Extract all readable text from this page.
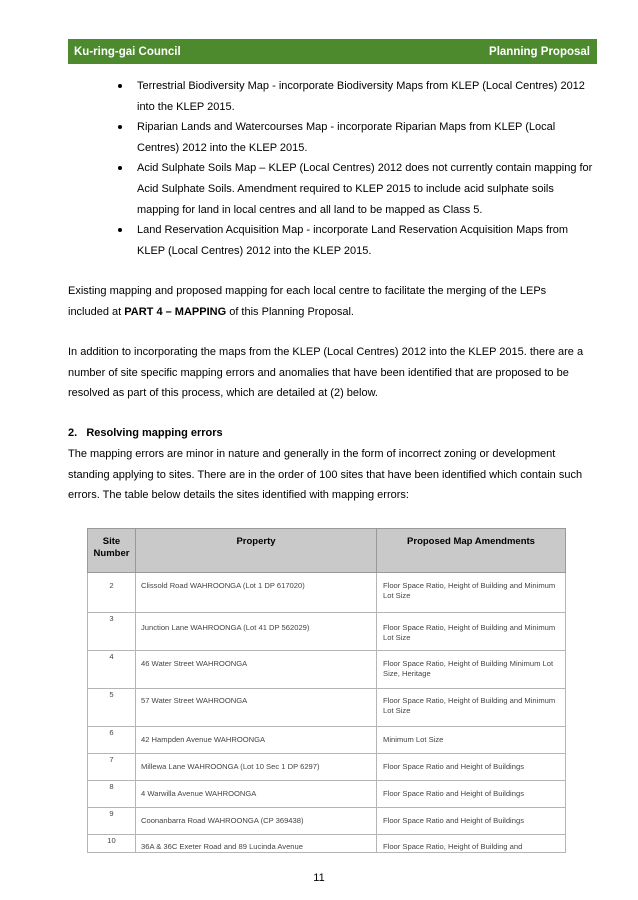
Ku-ring-gai Council	Planning Proposal
Terrestrial Biodiversity Map - incorporate Biodiversity Maps from KLEP (Local Centres) 2012 into the KLEP 2015.
Riparian Lands and Watercourses Map - incorporate Riparian Maps from KLEP (Local Centres) 2012 into the KLEP 2015.
Acid Sulphate Soils Map – KLEP (Local Centres) 2012 does not currently contain mapping for Acid Sulphate Soils. Amendment required to KLEP 2015 to include acid sulphate soils mapping for land in local centres and all land to be mapped as Class 5.
Land Reservation Acquisition Map - incorporate Land Reservation Acquisition Maps from KLEP (Local Centres) 2012 into the KLEP 2015.

Existing mapping and proposed mapping for each local centre to facilitate the merging of the LEPs included at PART 4 – MAPPING of this Planning Proposal.

In addition to incorporating the maps from the KLEP (Local Centres) 2012 into the KLEP 2015. there are a number of site specific mapping errors and anomalies that have been identified that are proposed to be resolved as part of this process, which are detailed at (2) below.

2.   Resolving mapping errors

The mapping errors are minor in nature and generally in the form of incorrect zoning or development standing applying to sites. There are in the order of 100 sites that have been identified which contain such errors. The table below details the sites identified with mapping errors:

Site Number	Property	Proposed Map Amendments
2	Clissold Road WAHROONGA (Lot 1 DP 617020)	Floor Space Ratio, Height of Building and Minimum Lot Size
3	Junction Lane WAHROONGA (Lot 41 DP 562029)	Floor Space Ratio, Height of Building and Minimum Lot Size
4	46 Water Street WAHROONGA	Floor Space Ratio, Height of Building Minimum Lot Size, Heritage
5	57 Water Street WAHROONGA	Floor Space Ratio, Height of Building and Minimum Lot Size
6	42 Hampden Avenue WAHROONGA	Minimum Lot Size
7	Millewa Lane WAHROONGA (Lot 10 Sec 1 DP 6297)	Floor Space Ratio and Height of Buildings
8	4 Warwilla Avenue WAHROONGA	Floor Space Ratio and Height of Buildings
9	Coonanbarra Road WAHROONGA (CP 369438)	Floor Space Ratio and Height of Buildings
10	36A & 36C Exeter Road and 89 Lucinda Avenue	Floor Space Ratio, Height of Building and
11
